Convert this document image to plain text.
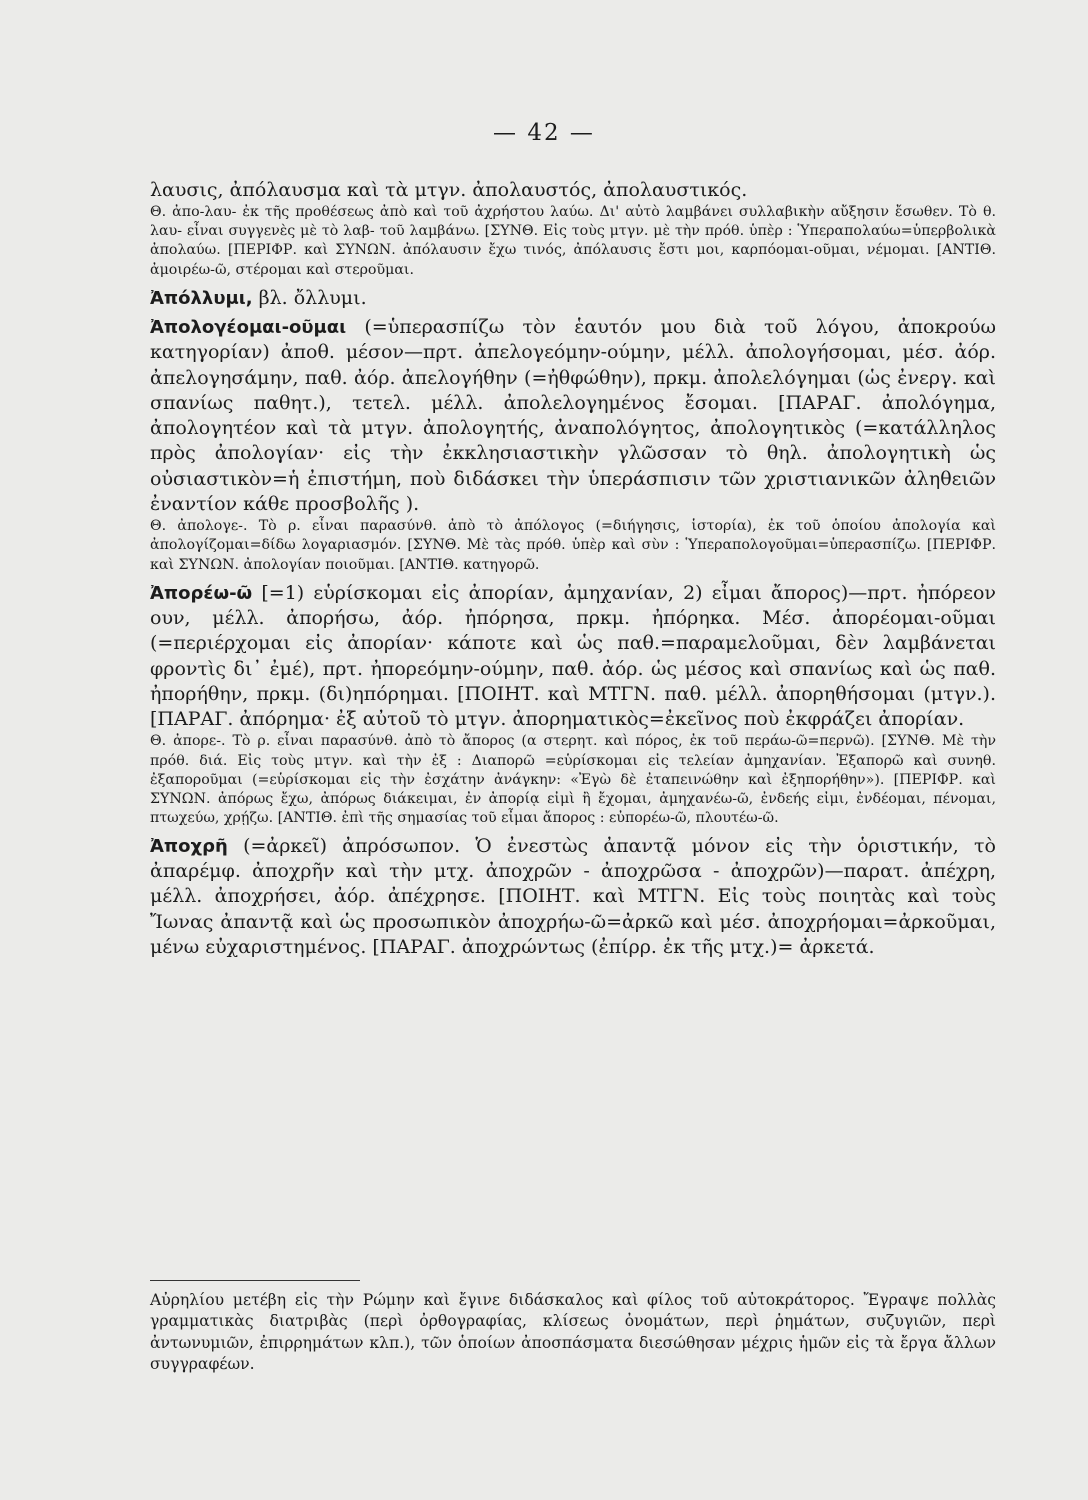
— 42 —

λαυσις, ἀπόλαυσμα καὶ τὰ μτγν. ἀπολαυστός, ἀπολαυστικός.

Θ. ἀπο-λαυ- ἐκ τῆς προθέσεως ἀπὸ καὶ τοῦ ἀχρήστου λαύω. Δι' αὐτὸ λαμβάνει συλλαβικὴν αὔξησιν ἔσωθεν. Τὸ θ. λαυ- εἶναι συγγενὲς μὲ τὸ λαβ- τοῦ λαμβάνω. [ΣΥΝΘ. Εἰς τοὺς μτγν. μὲ τὴν πρόθ. ὑπὲρ : Ὑπεραπολαύω=ὑπερβολικὰ ἀπολαύω. [ΠΕΡΙΦΡ. καὶ ΣΥΝΩΝ. ἀπόλαυσιν ἔχω τινός, ἀπόλαυσις ἔστι μοι, καρπόομαι-οῦμαι, νέμομαι. [ΑΝΤΙΘ. ἀμοιρέω-ῶ, στέρομαι καὶ στεροῦμαι.

Ἀπόλλυμι, βλ. ὄλλυμι.

Ἀπολογέομαι-οῦμαι (=ὑπερασπίζω τὸν ἑαυτόν μου διὰ τοῦ λόγου, ἀποκρούω κατηγορίαν) ἀποθ. μέσον—πρτ. ἀπελογεόμην-ούμην, μέλλ. ἀπολογήσομαι, μέσ. ἀόρ. ἀπελογησάμην, παθ. ἀόρ. ἀπελογήθην (=ἠθφώθην), πρκμ. ἀπολελόγημαι (ὡς ἐνεργ. καὶ σπανίως παθητ.), τετελ. μέλλ. ἀπολελογημένος ἔσομαι. [ΠΑΡΑΓ. ἀπολόγημα, ἀπολογητέον καὶ τὰ μτγν. ἀπολογητής, ἀναπολόγητος, ἀπολογητικὸς (=κατάλληλος πρὸς ἀπολογίαν· εἰς τὴν ἐκκλησιαστικὴν γλῶσσαν τὸ θηλ. ἀπολογητικὴ ὡς οὐσιαστικὸν=ἡ ἐπιστήμη, ποὺ διδάσκει τὴν ὑπεράσπισιν τῶν χριστιανικῶν ἀληθειῶν ἐναντίον κάθε προσβολῆς ).

Θ. ἀπολογε-. Τὸ ρ. εἶναι παρασύνθ. ἀπὸ τὸ ἀπόλογος (=διήγησις, ἱστορία), ἐκ τοῦ ὁποίου ἀπολογία καὶ ἀπολογίζομαι=δίδω λογαριασμόν. [ΣΥΝΘ. Μὲ τὰς πρόθ. ὑπὲρ καὶ σὺν : Ὑπεραπολογοῦμαι=ὑπερασπίζω. [ΠΕΡΙΦΡ. καὶ ΣΥΝΩΝ. ἀπολογίαν ποιοῦμαι. [ΑΝΤΙΘ. κατηγορῶ.

Ἀπορέω-ῶ [=1) εὑρίσκομαι εἰς ἀπορίαν, ἀμηχανίαν, 2) εἶμαι ἄπορος)—πρτ. ἠπόρεον ουν, μέλλ. ἀπορήσω, ἀόρ. ἠπόρησα, πρκμ. ἠπόρηκα. Μέσ. ἀπορέομαι-οῦμαι (=περιέρχομαι εἰς ἀπορίαν· κάποτε καὶ ὡς παθ.=παραμελοῦμαι, δὲν λαμβάνεται φροντὶς δι᾽ ἐμέ), πρτ. ἠπορεόμην-ούμην, παθ. ἀόρ. ὡς μέσος καὶ σπανίως καὶ ὡς παθ. ἠπορήθην, πρκμ. (δι)ηπόρημαι. [ΠΟΙΗΤ. καὶ ΜΤΓΝ. παθ. μέλλ. ἀπορηθήσομαι (μτγν.). [ΠΑΡΑΓ. ἀπόρημα· ἐξ αὐτοῦ τὸ μτγν. ἀπορηματικὸς=ἐκεῖνος ποὺ ἐκφράζει ἀπορίαν.

Θ. ἀπορε-. Τὸ ρ. εἶναι παρασύνθ. ἀπὸ τὸ ἄπορος (α στερητ. καὶ πόρος, ἐκ τοῦ περάω-ῶ=περνῶ). [ΣΥΝΘ. Μὲ τὴν πρόθ. διά. Εἰς τοὺς μτγν. καὶ τὴν ἐξ : Διαπορῶ =εὑρίσκομαι εἰς τελείαν ἀμηχανίαν. Ἐξαπορῶ καὶ συνηθ. ἐξαποροῦμαι (=εὑρίσκομαι εἰς τὴν ἐσχάτην ἀνάγκην: «Ἐγὼ δὲ ἐταπεινώθην καὶ ἐξηπορήθην»). [ΠΕΡΙΦΡ. καὶ ΣΥΝΩΝ. ἀπόρως ἔχω, ἀπόρως διάκειμαι, ἐν ἀπορίᾳ εἰμὶ ἢ ἔχομαι, ἀμηχανέω-ῶ, ἐνδεής εἰμι, ἐνδέομαι, πένομαι, πτωχεύω, χρῄζω. [ΑΝΤΙΘ. ἐπὶ τῆς σημασίας τοῦ εἶμαι ἄπορος : εὐπορέω-ῶ, πλουτέω-ῶ.

Ἀποχρῆ (=ἀρκεῖ) ἀπρόσωπον. Ὁ ἐνεστὼς ἀπαντᾷ μόνον εἰς τὴν ὁριστικήν, τὸ ἀπαρέμφ. ἀποχρῆν καὶ τὴν μτχ. ἀποχρῶν - ἀποχρῶσα - ἀποχρῶν)—παρατ. ἀπέχρη, μέλλ. ἀποχρήσει, ἀόρ. ἀπέχρησε. [ΠΟΙΗΤ. καὶ ΜΤΓΝ. Εἰς τοὺς ποιητὰς καὶ τοὺς Ἴωνας ἀπαντᾷ καὶ ὡς προσωπικὸν ἀποχρήω-ῶ=ἀρκῶ καὶ μέσ. ἀποχρήομαι=ἀρκοῦμαι, μένω εὐχαριστημένος. [ΠΑΡΑΓ. ἀποχρώντως (ἐπίρρ. ἐκ τῆς μτχ.)= ἀρκετά.

Αὐρηλίου μετέβη εἰς τὴν Ρώμην καὶ ἔγινε διδάσκαλος καὶ φίλος τοῦ αὐτοκράτορος. Ἔγραψε πολλὰς γραμματικὰς διατριβὰς (περὶ ὀρθογραφίας, κλίσεως ὀνομάτων, περὶ ῥημάτων, συζυγιῶν, περὶ ἀντωνυμιῶν, ἐπιρρημάτων κλπ.), τῶν ὁποίων ἀποσπάσματα διεσώθησαν μέχρις ἡμῶν εἰς τὰ ἔργα ἄλλων συγγραφέων.
